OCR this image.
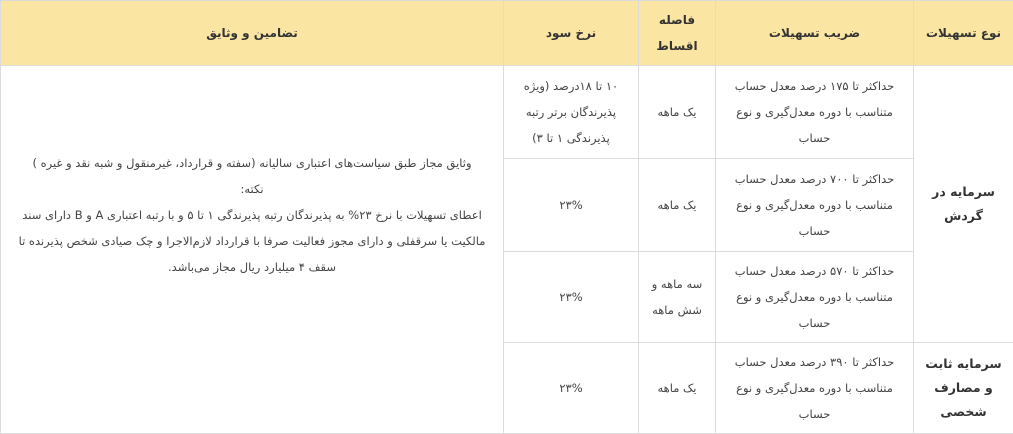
نوع تسهیلات	ضریب تسهیلات	فاصله اقساط	نرخ سود	تضامین و وثایق
سرمایه در گردش	حداکثر تا ۱۷۵ درصد معدل حساب متناسب با دوره معدل‌گیری و نوع حساب	یک ماهه	۱۰ تا ۱۸درصد (ویژه پذیرندگان برتر رتبه پذیرندگی ۱ تا ۳)	وثایق مجاز طبق سیاست‌های اعتباری سالیانه (سفته و قرارداد، غیرمنقول و شبه نقد و غیره )
نکته:
اعطای تسهیلات با نرخ ۲۳% به پذیرندگان رتبه پذیرندگی ۱ تا ۵ و با رتبه اعتباری A و B دارای سند مالکیت یا سرقفلی و دارای مجوز فعالیت صرفا با قرارداد لازم‌الاجرا و چک صیادی شخص پذیرنده تا سقف ۴ میلیارد ریال مجاز می‌باشد.

	حداکثر تا ۷۰۰ درصد معدل حساب متناسب با دوره معدل‌گیری و نوع حساب	یک ماهه	۲۳%	
	حداکثر تا ۵۷۰ درصد معدل حساب متناسب با دوره معدل‌گیری و نوع حساب	سه ماهه و شش ماهه	۲۳%	
سرمایه ثابت و مصارف شخصی	حداکثر تا ۳۹۰ درصد معدل حساب متناسب با دوره معدل‌گیری و نوع حساب	یک ماهه	۲۳%	
